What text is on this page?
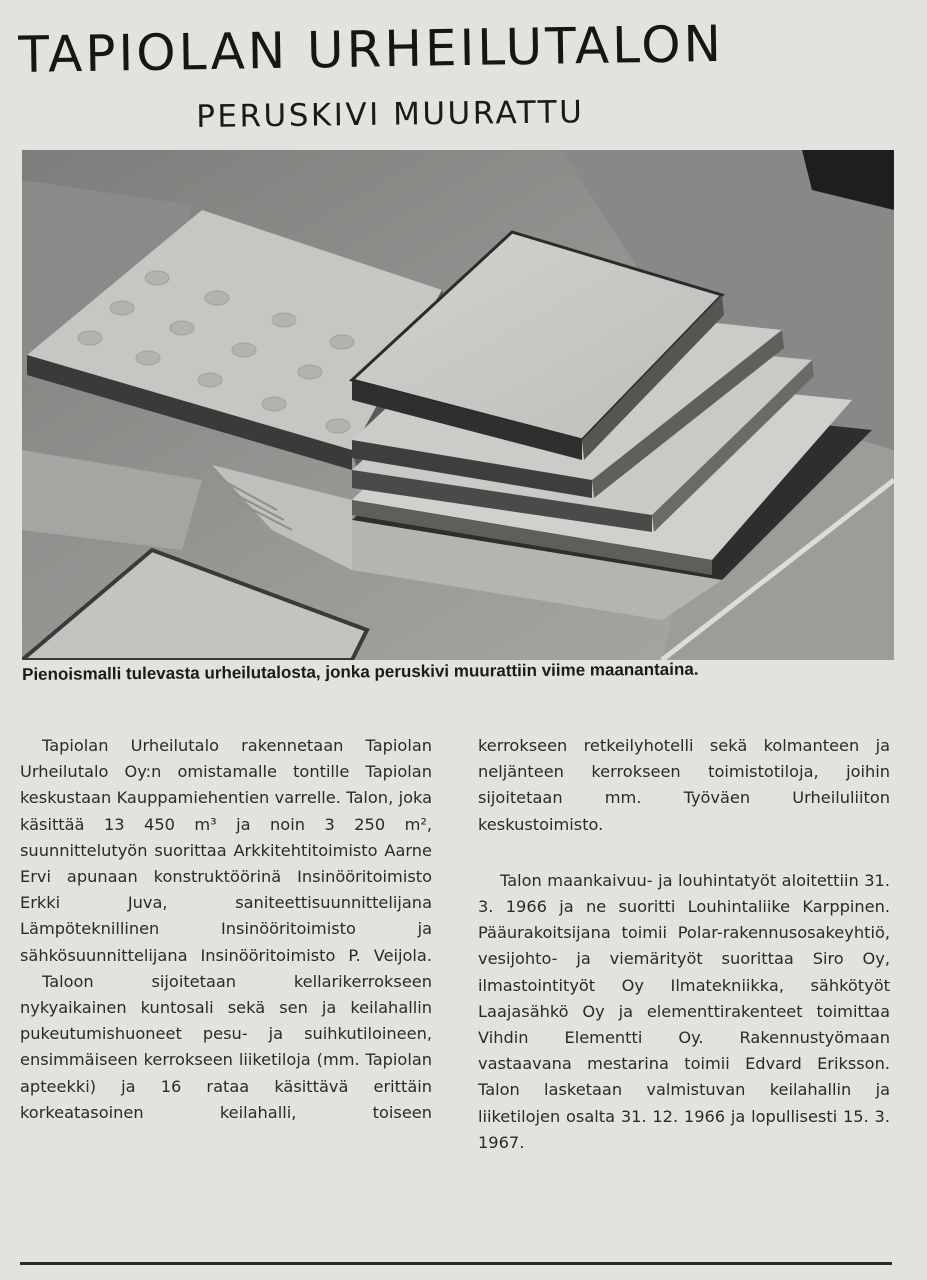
TAPIOLAN URHEILUTALON
PERUSKIVI MUURATTU

Pienoismalli tulevasta urheilutalosta, jonka peruskivi muurattiin viime maanantaina.

Tapiolan Urheilutalo rakennetaan Tapiolan Urheilutalo Oy:n omistamalle tontille Tapiolan keskustaan Kauppamiehentien varrelle. Talon, joka käsittää 13 450 m³ ja noin 3 250 m², suunnittelutyön suorittaa Arkkitehtitoimisto Aarne Ervi apunaan konstruktöörinä Insinööritoimisto Erkki Juva, saniteettisuunnittelijana Lämpöteknillinen Insinööritoimisto ja sähkösuunnittelijana Insinööritoimisto P. Veijola.

Taloon sijoitetaan kellarikerrokseen nykyaikainen kuntosali sekä sen ja keilahallin pukeutumishuoneet pesu- ja suihkutiloineen, ensimmäiseen kerrokseen liiketiloja (mm. Tapiolan apteekki) ja 16 rataa käsittävä erittäin korkeatasoinen keilahalli, toiseen

kerrokseen retkeilyhotelli sekä kolmanteen ja neljänteen kerrokseen toimistotiloja, joihin sijoitetaan mm. Työväen Urheiluliiton keskustoimisto.

Talon maankaivuu- ja louhintatyöt aloitettiin 31. 3. 1966 ja ne suoritti Louhintaliike Karppinen. Pääurakoitsijana toimii Polar-rakennusosakeyhtiö, vesijohto- ja viemärityöt suorittaa Siro Oy, ilmastointityöt Oy Ilmatekniikka, sähkötyöt Laajasähkö Oy ja elementtirakenteet toimittaa Vihdin Elementti Oy. Rakennustyömaan vastaavana mestarina toimii Edvard Eriksson. Talon lasketaan valmistuvan keilahallin ja liiketilojen osalta 31. 12. 1966 ja lopullisesti 15. 3. 1967.
